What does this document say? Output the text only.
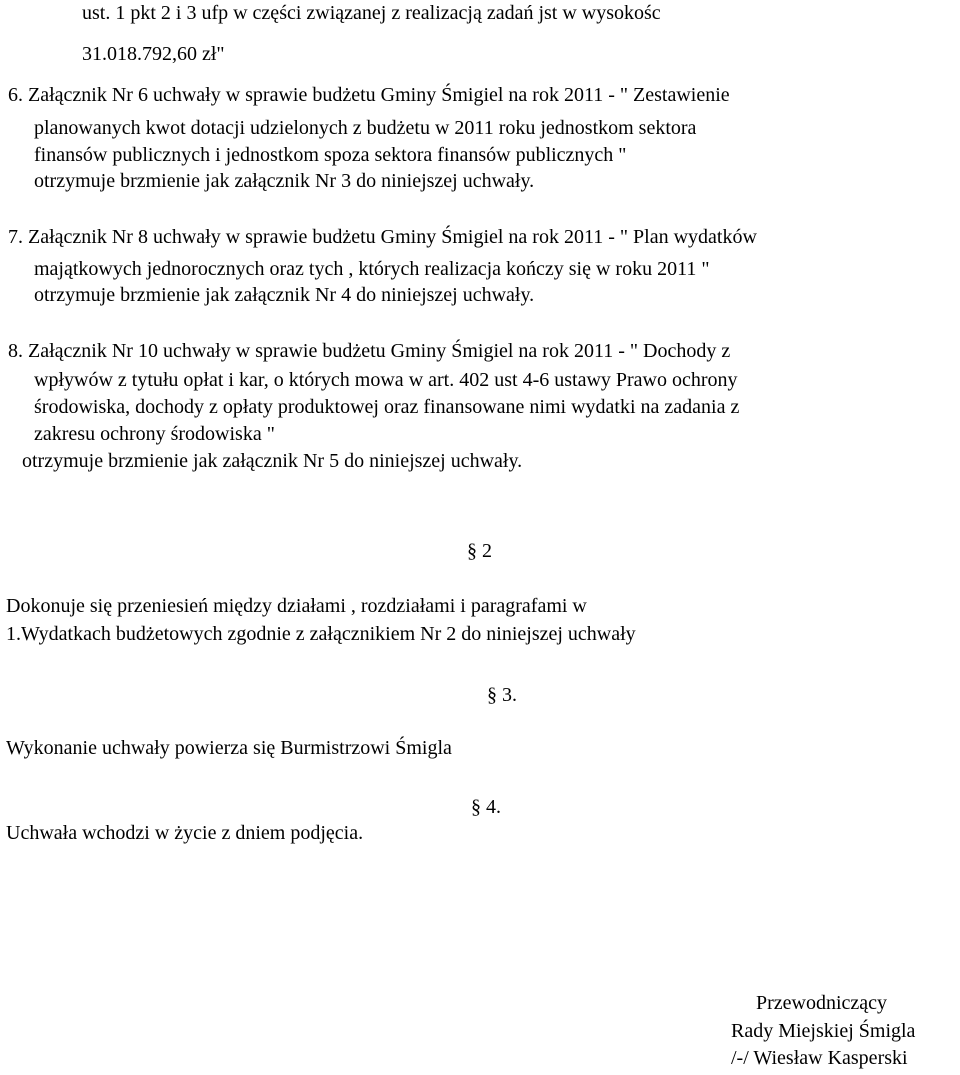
ust. 1 pkt 2 i 3 ufp w części związanej z realizacją zadań jst w wysokośc
31.018.792,60 zł"
6. Załącznik Nr 6 uchwały w sprawie budżetu Gminy Śmigiel na rok 2011 - " Zestawienie
planowanych kwot dotacji udzielonych z budżetu w 2011 roku jednostkom sektora
finansów publicznych i jednostkom spoza sektora finansów publicznych "
otrzymuje brzmienie jak załącznik Nr 3 do niniejszej uchwały.
7. Załącznik Nr 8 uchwały w sprawie budżetu Gminy Śmigiel na rok 2011 - " Plan wydatków
majątkowych jednorocznych oraz tych , których realizacja kończy się w roku 2011 "
otrzymuje brzmienie jak załącznik Nr 4 do niniejszej uchwały.
8. Załącznik Nr 10 uchwały w sprawie budżetu Gminy Śmigiel na rok 2011 - " Dochody z
wpływów z tytułu opłat i kar, o których mowa w art. 402 ust 4-6 ustawy Prawo ochrony
środowiska, dochody z opłaty produktowej oraz finansowane nimi wydatki na zadania z
zakresu ochrony środowiska "
otrzymuje brzmienie jak załącznik Nr 5 do niniejszej uchwały.
§ 2
Dokonuje się przeniesień między działami , rozdziałami i paragrafami w
1.Wydatkach budżetowych zgodnie z załącznikiem Nr 2 do niniejszej uchwały
§ 3.
Wykonanie uchwały powierza się Burmistrzowi Śmigla
§ 4.
Uchwała wchodzi w życie z dniem podjęcia.
Przewodniczący
Rady Miejskiej Śmigla
/-/ Wiesław Kasperski
